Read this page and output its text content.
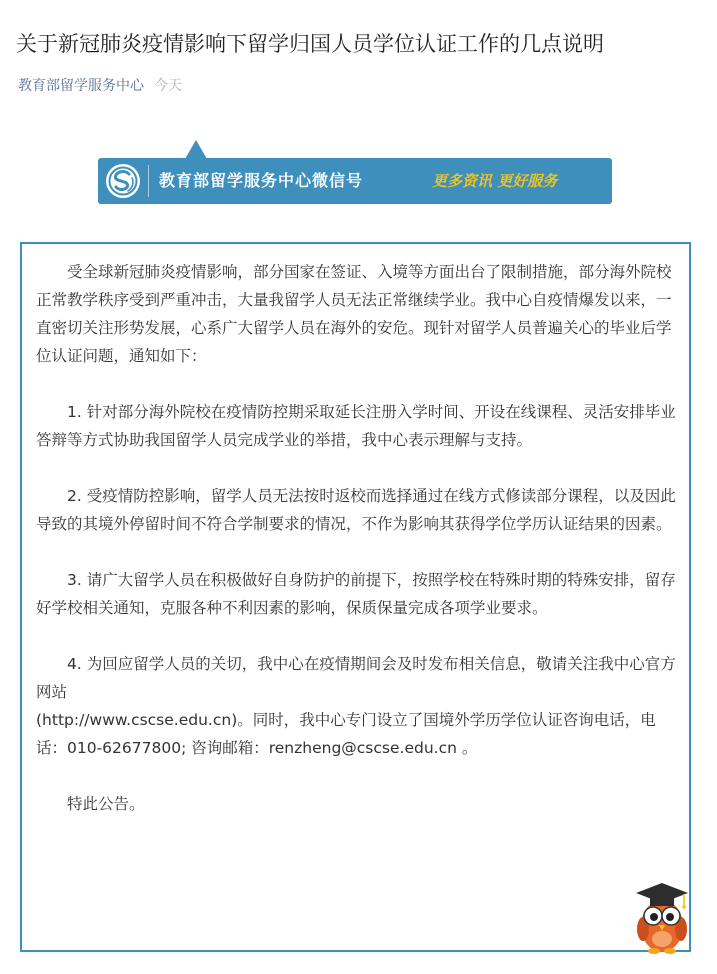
关于新冠肺炎疫情影响下留学归国人员学位认证工作的几点说明
教育部留学服务中心 今天
教育部留学服务中心微信号	更多资讯 更好服务

受全球新冠肺炎疫情影响，部分国家在签证、入境等方面出台了限制措施，部分海外院校正常教学秩序受到严重冲击，大量我留学人员无法正常继续学业。我中心自疫情爆发以来，一直密切关注形势发展，心系广大留学人员在海外的安危。现针对留学人员普遍关心的毕业后学位认证问题，通知如下：

1. 针对部分海外院校在疫情防控期采取延长注册入学时间、开设在线课程、灵活安排毕业答辩等方式协助我国留学人员完成学业的举措，我中心表示理解与支持。

2. 受疫情防控影响，留学人员无法按时返校而选择通过在线方式修读部分课程，以及因此导致的其境外停留时间不符合学制要求的情况，不作为影响其获得学位学历认证结果的因素。

3. 请广大留学人员在积极做好自身防护的前提下，按照学校在特殊时期的特殊安排，留存好学校相关通知，克服各种不利因素的影响，保质保量完成各项学业要求。

4. 为回应留学人员的关切，我中心在疫情期间会及时发布相关信息，敬请关注我中心官方网站

(http://www.cscse.edu.cn)。同时，我中心专门设立了国境外学历学位认证咨询电话，电话：010-62677800; 咨询邮箱：renzheng@cscse.edu.cn 。

特此公告。
